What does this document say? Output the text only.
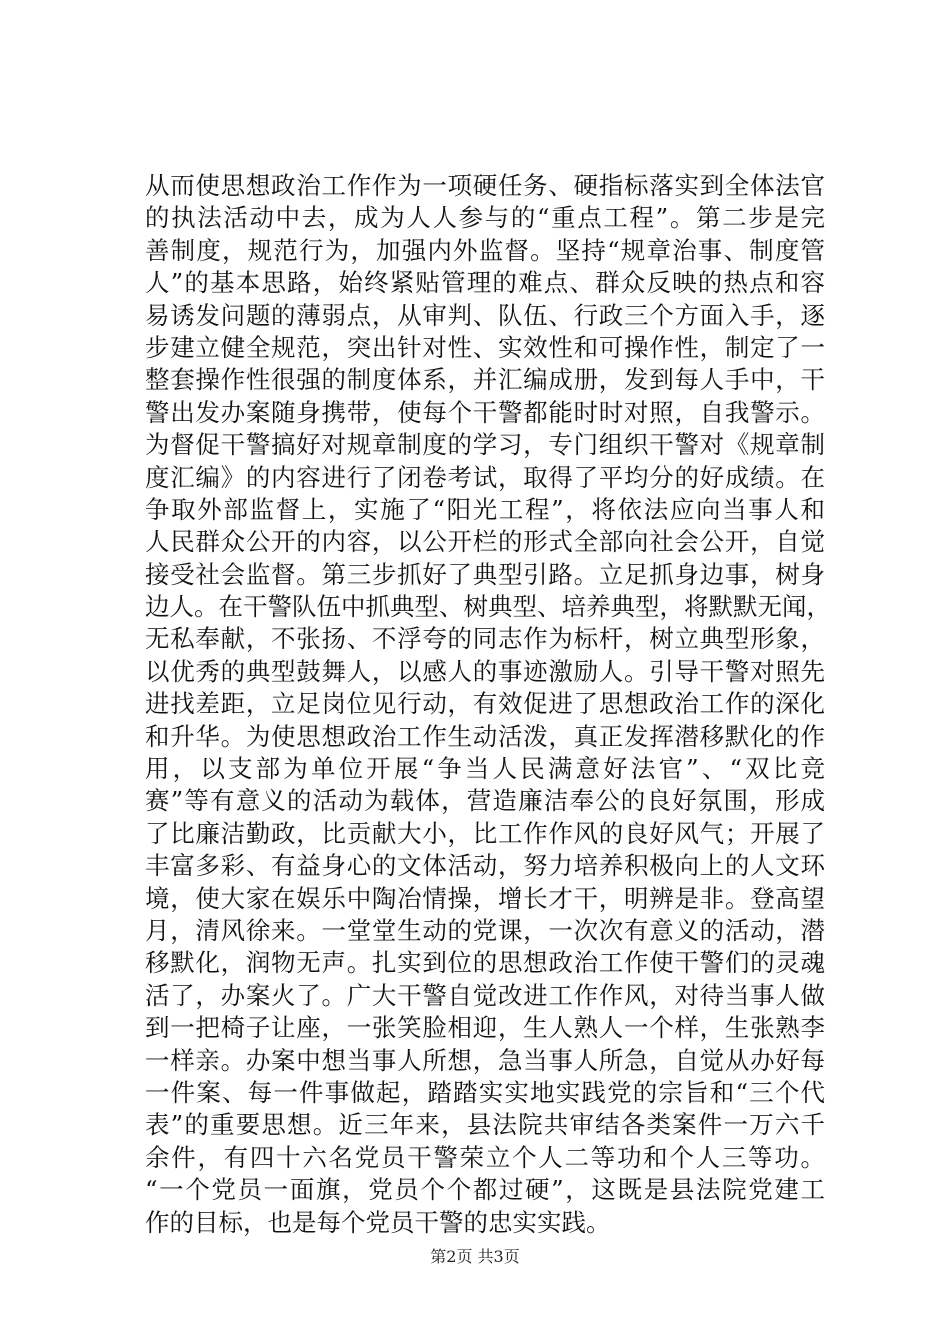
从而使思想政治工作作为一项硬任务、硬指标落实到全体法官
的执法活动中去，成为人人参与的“重点工程”。第二步是完
善制度，规范行为，加强内外监督。坚持“规章治事、制度管
人”的基本思路，始终紧贴管理的难点、群众反映的热点和容
易诱发问题的薄弱点，从审判、队伍、行政三个方面入手，逐
步建立健全规范，突出针对性、实效性和可操作性，制定了一
整套操作性很强的制度体系，并汇编成册，发到每人手中，干
警出发办案随身携带，使每个干警都能时时对照，自我警示。
为督促干警搞好对规章制度的学习，专门组织干警对《规章制
度汇编》的内容进行了闭卷考试，取得了平均分的好成绩。在
争取外部监督上，实施了“阳光工程”，将依法应向当事人和
人民群众公开的内容，以公开栏的形式全部向社会公开，自觉
接受社会监督。第三步抓好了典型引路。立足抓身边事，树身
边人。在干警队伍中抓典型、树典型、培养典型，将默默无闻，
无私奉献，不张扬、不浮夸的同志作为标杆，树立典型形象，
以优秀的典型鼓舞人，以感人的事迹激励人。引导干警对照先
进找差距，立足岗位见行动，有效促进了思想政治工作的深化
和升华。为使思想政治工作生动活泼，真正发挥潜移默化的作
用，以支部为单位开展“争当人民满意好法官”、“双比竞
赛”等有意义的活动为载体，营造廉洁奉公的良好氛围，形成
了比廉洁勤政，比贡献大小，比工作作风的良好风气；开展了
丰富多彩、有益身心的文体活动，努力培养积极向上的人文环
境，使大家在娱乐中陶冶情操，增长才干，明辨是非。登高望
月，清风徐来。一堂堂生动的党课，一次次有意义的活动，潜
移默化，润物无声。扎实到位的思想政治工作使干警们的灵魂
活了，办案火了。广大干警自觉改进工作作风，对待当事人做
到一把椅子让座，一张笑脸相迎，生人熟人一个样，生张熟李
一样亲。办案中想当事人所想，急当事人所急，自觉从办好每
一件案、每一件事做起，踏踏实实地实践党的宗旨和“三个代
表”的重要思想。近三年来，县法院共审结各类案件一万六千
余件，有四十六名党员干警荣立个人二等功和个人三等功。
“一个党员一面旗，党员个个都过硬”，这既是县法院党建工
作的目标，也是每个党员干警的忠实实践。
第2页 共3页
